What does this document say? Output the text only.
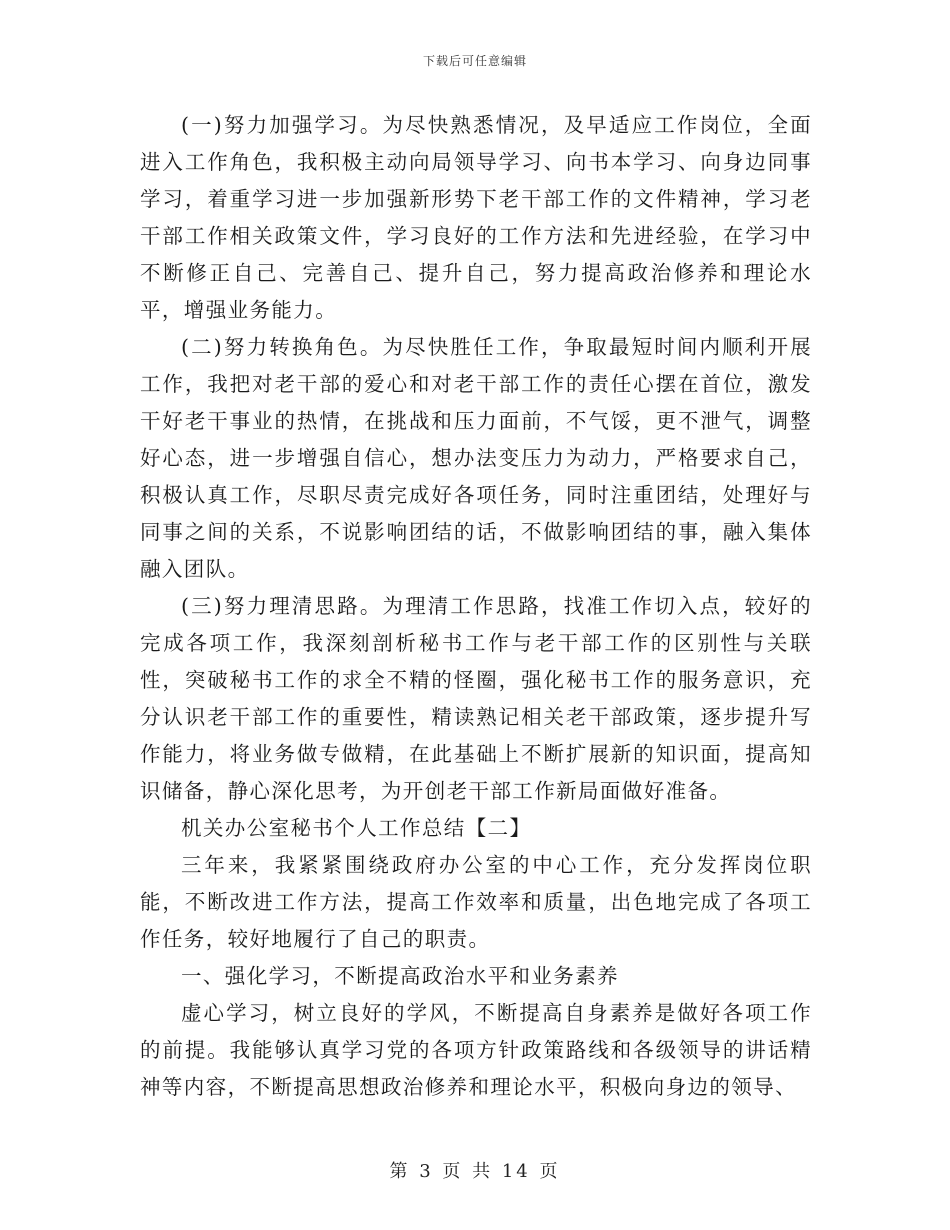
下载后可任意编辑

(一)努力加强学习。为尽快熟悉情况，及早适应工作岗位，全面进入工作角色，我积极主动向局领导学习、向书本学习、向身边同事学习，着重学习进一步加强新形势下老干部工作的文件精神，学习老干部工作相关政策文件，学习良好的工作方法和先进经验，在学习中不断修正自己、完善自己、提升自己，努力提高政治修养和理论水平，增强业务能力。

(二)努力转换角色。为尽快胜任工作，争取最短时间内顺利开展工作，我把对老干部的爱心和对老干部工作的责任心摆在首位，激发干好老干事业的热情，在挑战和压力面前，不气馁，更不泄气，调整好心态，进一步增强自信心，想办法变压力为动力，严格要求自己，积极认真工作，尽职尽责完成好各项任务，同时注重团结，处理好与同事之间的关系，不说影响团结的话，不做影响团结的事，融入集体融入团队。

(三)努力理清思路。为理清工作思路，找准工作切入点，较好的完成各项工作，我深刻剖析秘书工作与老干部工作的区别性与关联性，突破秘书工作的求全不精的怪圈，强化秘书工作的服务意识，充分认识老干部工作的重要性，精读熟记相关老干部政策，逐步提升写作能力，将业务做专做精，在此基础上不断扩展新的知识面，提高知识储备，静心深化思考，为开创老干部工作新局面做好准备。

机关办公室秘书个人工作总结【二】

三年来，我紧紧围绕政府办公室的中心工作，充分发挥岗位职能，不断改进工作方法，提高工作效率和质量，出色地完成了各项工作任务，较好地履行了自己的职责。

一、强化学习，不断提高政治水平和业务素养

虚心学习，树立良好的学风，不断提高自身素养是做好各项工作的前提。我能够认真学习党的各项方针政策路线和各级领导的讲话精神等内容，不断提高思想政治修养和理论水平，积极向身边的领导、

第 3 页 共 14 页
